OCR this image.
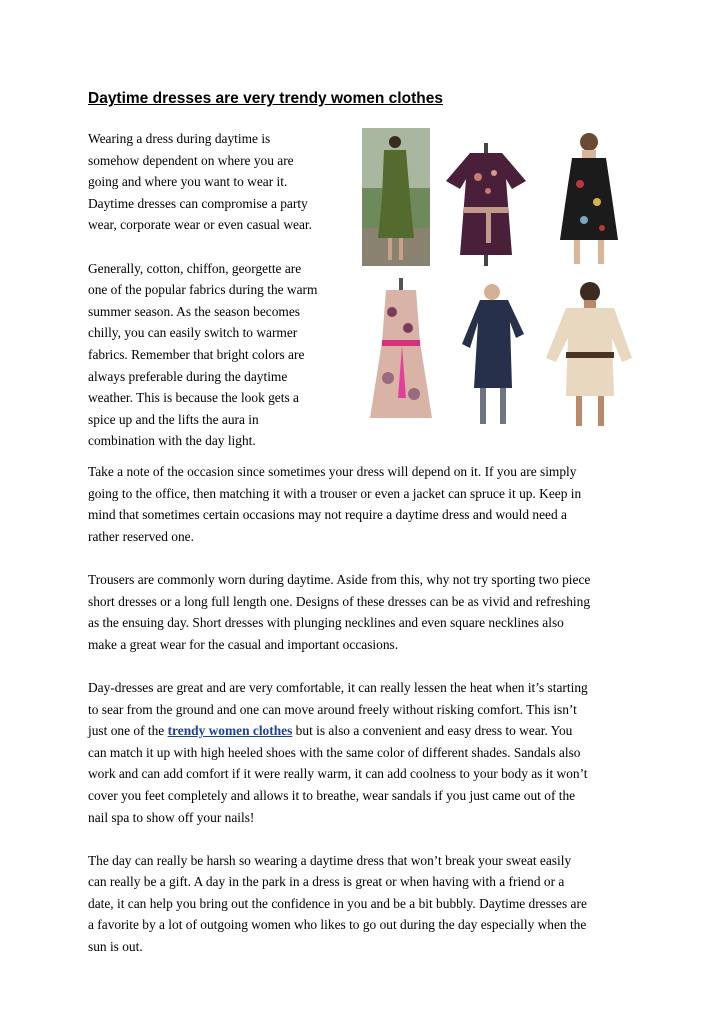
Daytime dresses are very trendy women clothes

Wearing a dress during daytime is
somehow dependent on where you are
going and where you want to wear it.
Daytime dresses can compromise a party
wear, corporate wear or even casual wear.

Generally, cotton, chiffon, georgette are
one of the popular fabrics during the warm
summer season. As the season becomes
chilly, you can easily switch to warmer
fabrics. Remember that bright colors are
always preferable during the daytime
weather. This is because the look gets a
spice up and the lifts the aura in
combination with the day light.

Take a note of the occasion since sometimes your dress will depend on it. If you are simply
going to the office, then matching it with a trouser or even a jacket can spruce it up. Keep in
mind that sometimes certain occasions may not require a daytime dress and would need a
rather reserved one.

Trousers are commonly worn during daytime. Aside from this, why not try sporting two piece
short dresses or a long full length one. Designs of these dresses can be as vivid and refreshing
as the ensuing day. Short dresses with plunging necklines and even square necklines also
make a great wear for the casual and important occasions.

Day-dresses are great and are very comfortable, it can really lessen the heat when it’s starting
to sear from the ground and one can move around freely without risking comfort. This isn’t
just one of the trendy women clothes but is also a convenient and easy dress to wear. You
can match it up with high heeled shoes with the same color of different shades. Sandals also
work and can add comfort if it were really warm, it can add coolness to your body as it won’t
cover you feet completely and allows it to breathe, wear sandals if you just came out of the
nail spa to show off your nails!

The day can really be harsh so wearing a daytime dress that won’t break your sweat easily
can really be a gift. A day in the park in a dress is great or when having with a friend or a
date, it can help you bring out the confidence in you and be a bit bubbly. Daytime dresses are
a favorite by a lot of outgoing women who likes to go out during the day especially when the
sun is out.
